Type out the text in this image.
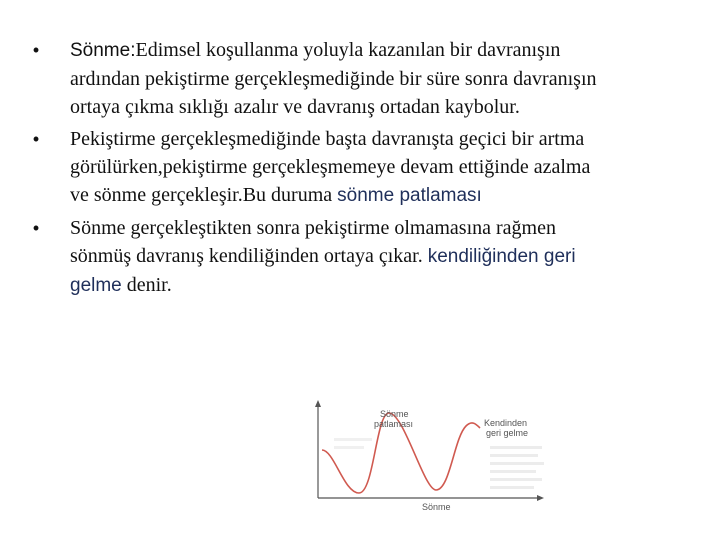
• Sönme:Edimsel koşullanma yoluyla kazanılan bir davranışın ardından pekiştirme gerçekleşmediğinde bir süre sonra davranışın ortaya çıkma sıklığı azalır ve davranış ortadan kaybolur.
• Pekiştirme gerçekleşmediğinde başta davranışta geçici bir artma görülürken,pekiştirme gerçekleşmemeye devam ettiğinde azalma ve sönme gerçekleşir.Bu duruma sönme patlaması
• Sönme gerçekleştikten sonra pekiştirme olmamasına rağmen sönmüş davranış kendiliğinden ortaya çıkar. kendiliğinden geri gelme denir.
Sönme
patlaması	Kendinden
geri gelme
Sönme
